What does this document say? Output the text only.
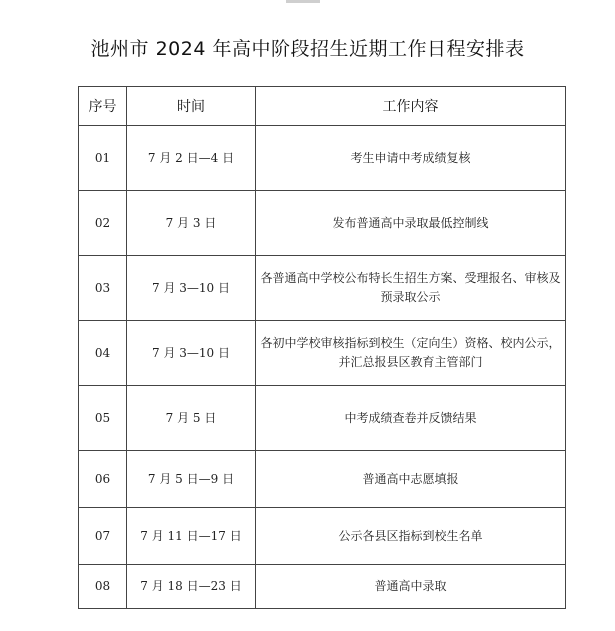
池州市 2024 年高中阶段招生近期工作日程安排表
序号	时间	工作内容
01	7 月 2 日—4 日	考生申请中考成绩复核
02	7 月 3 日	发布普通高中录取最低控制线
03	7 月 3—10 日	各普通高中学校公布特长生招生方案、受理报名、审核及预录取公示
04	7 月 3—10 日	各初中学校审核指标到校生（定向生）资格、校内公示，并汇总报县区教育主管部门
05	7 月 5 日	中考成绩查卷并反馈结果
06	7 月 5 日—9 日	普通高中志愿填报
07	7 月 11 日—17 日	公示各县区指标到校生名单
08	7 月 18 日—23 日	普通高中录取
